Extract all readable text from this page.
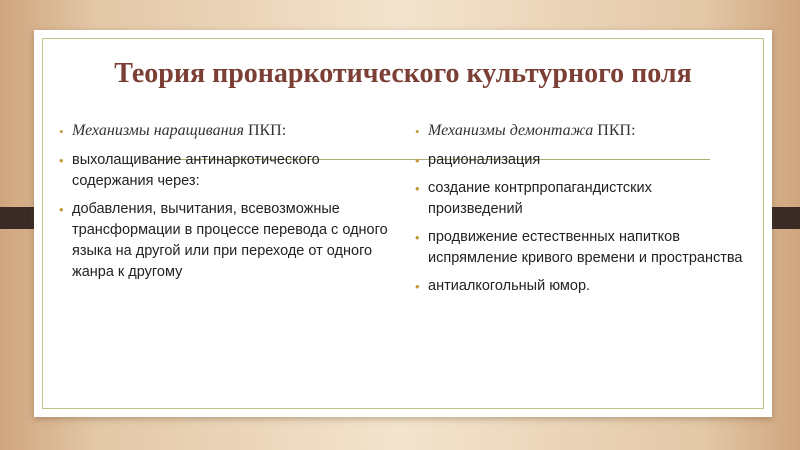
Теория пронаркотического культурного поля
• Механизмы наращивания ПКП:
• выхолащивание антинаркотического содержания через:
• добавления, вычитания, всевозможные трансформации в процессе перевода с одного языка на другой или при переходе от одного жанра к другому
• Механизмы демонтажа ПКП:
• рационализация
• создание контрпропагандистских произведений
• продвижение естественных напитков испрямление кривого времени и пространства
• антиалкогольный юмор.
